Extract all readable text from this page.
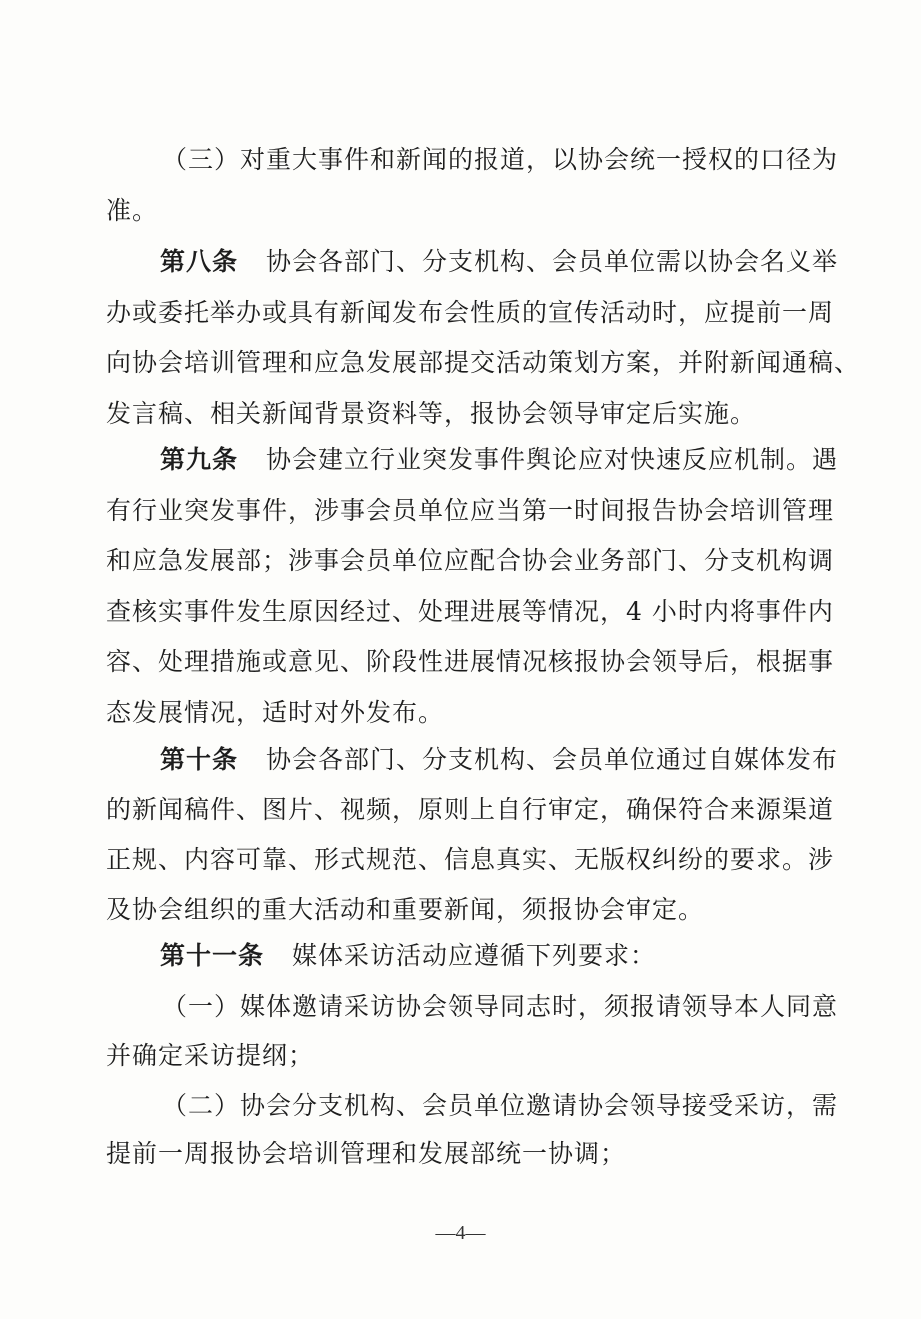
（三）对重大事件和新闻的报道，以协会统一授权的口径为
准。
第八条 协会各部门、分支机构、会员单位需以协会名义举
办或委托举办或具有新闻发布会性质的宣传活动时，应提前一周
向协会培训管理和应急发展部提交活动策划方案，并附新闻通稿、
发言稿、相关新闻背景资料等，报协会领导审定后实施。
第九条 协会建立行业突发事件舆论应对快速反应机制。遇
有行业突发事件，涉事会员单位应当第一时间报告协会培训管理
和应急发展部；涉事会员单位应配合协会业务部门、分支机构调
查核实事件发生原因经过、处理进展等情况，4 小时内将事件内
容、处理措施或意见、阶段性进展情况核报协会领导后，根据事
态发展情况，适时对外发布。
第十条 协会各部门、分支机构、会员单位通过自媒体发布
的新闻稿件、图片、视频，原则上自行审定，确保符合来源渠道
正规、内容可靠、形式规范、信息真实、无版权纠纷的要求。涉
及协会组织的重大活动和重要新闻，须报协会审定。
第十一条 媒体采访活动应遵循下列要求：
（一）媒体邀请采访协会领导同志时，须报请领导本人同意
并确定采访提纲；
（二）协会分支机构、会员单位邀请协会领导接受采访，需
提前一周报协会培训管理和发展部统一协调；
—4—
